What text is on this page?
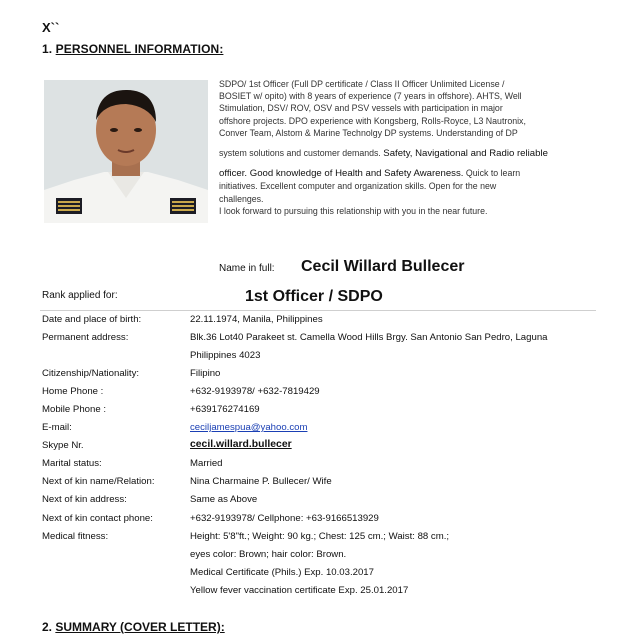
X``
1. PERSONNEL INFORMATION:

SDPO/ 1st Officer (Full DP certificate / Class II Officer Unlimited License /

BOSIET w/ opito) with 8 years of experience (7 years in offshore). AHTS, Well

Stimulation, DSV/ ROV, OSV and PSV vessels with participation in major

offshore projects. DPO experience with Kongsberg, Rolls-Royce, L3 Nautronix,

Conver Team, Alstom & Marine Technolgy DP systems. Understanding of DP

system solutions and customer demands. Safety, Navigational and Radio reliable

officer. Good knowledge of Health and Safety Awareness. Quick to learn

initiatives. Excellent computer and organization skills. Open for the new

challenges.

I look forward to pursuing this relationship with you in the near future.

Name in full: Cecil Willard Bullecer
Rank applied for:	1st Officer / SDPO
Date and place of birth:	22.11.1974, Manila, Philippines
Permanent address:	Blk.36 Lot40 Parakeet st. Camella Wood Hills Brgy. San Antonio San Pedro, Laguna
Philippines 4023
Citizenship/Nationality:	Filipino
Home Phone :	+632-9193978/ +632-7819429
Mobile Phone :	+639176274169
E-mail:	ceciljamespua@yahoo.com
Skype Nr.	cecil.willard.bullecer
Marital status:	Married
Next of kin name/Relation:	Nina Charmaine P. Bullecer/ Wife
Next of kin address:	Same as Above
Next of kin contact phone:	+632-9193978/ Cellphone: +63-9166513929
Medical fitness:	Height: 5'8"ft.; Weight: 90 kg.; Chest: 125 cm.; Waist: 88 cm.;
eyes color: Brown; hair color: Brown.
Medical Certificate (Phils.) Exp. 10.03.2017
Yellow fever vaccination certificate Exp. 25.01.2017
2. SUMMARY (COVER LETTER):
